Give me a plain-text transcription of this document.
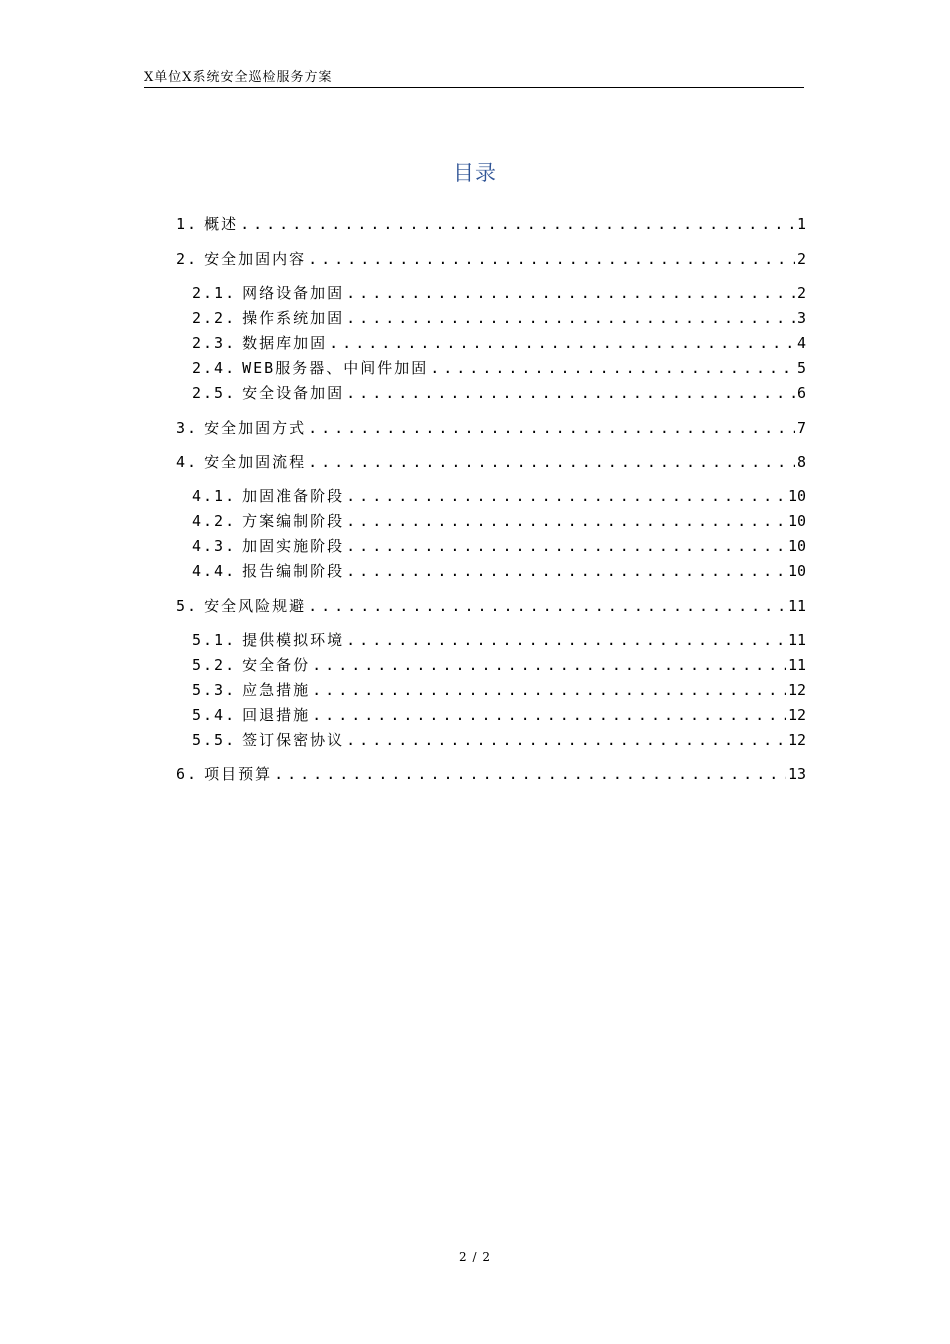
X单位X系统安全巡检服务方案
目录
1. 概述 .....	1
2. 安全加固内容 .....	2
2.1. 网络设备加固 .....	2
2.2. 操作系统加固 .....	3
2.3. 数据库加固 .....	4
2.4. WEB服务器、中间件加固 .....	5
2.5. 安全设备加固 .....	6
3. 安全加固方式 .....	7
4. 安全加固流程 .....	8
4.1. 加固准备阶段 .....	10
4.2. 方案编制阶段 .....	10
4.3. 加固实施阶段 .....	10
4.4. 报告编制阶段 .....	10
5. 安全风险规避 .....	11
5.1. 提供模拟环境 .....	11
5.2. 安全备份 .....	11
5.3. 应急措施 .....	12
5.4. 回退措施 .....	12
5.5. 签订保密协议 .....	12
6. 项目预算 .....	13
2 / 2
